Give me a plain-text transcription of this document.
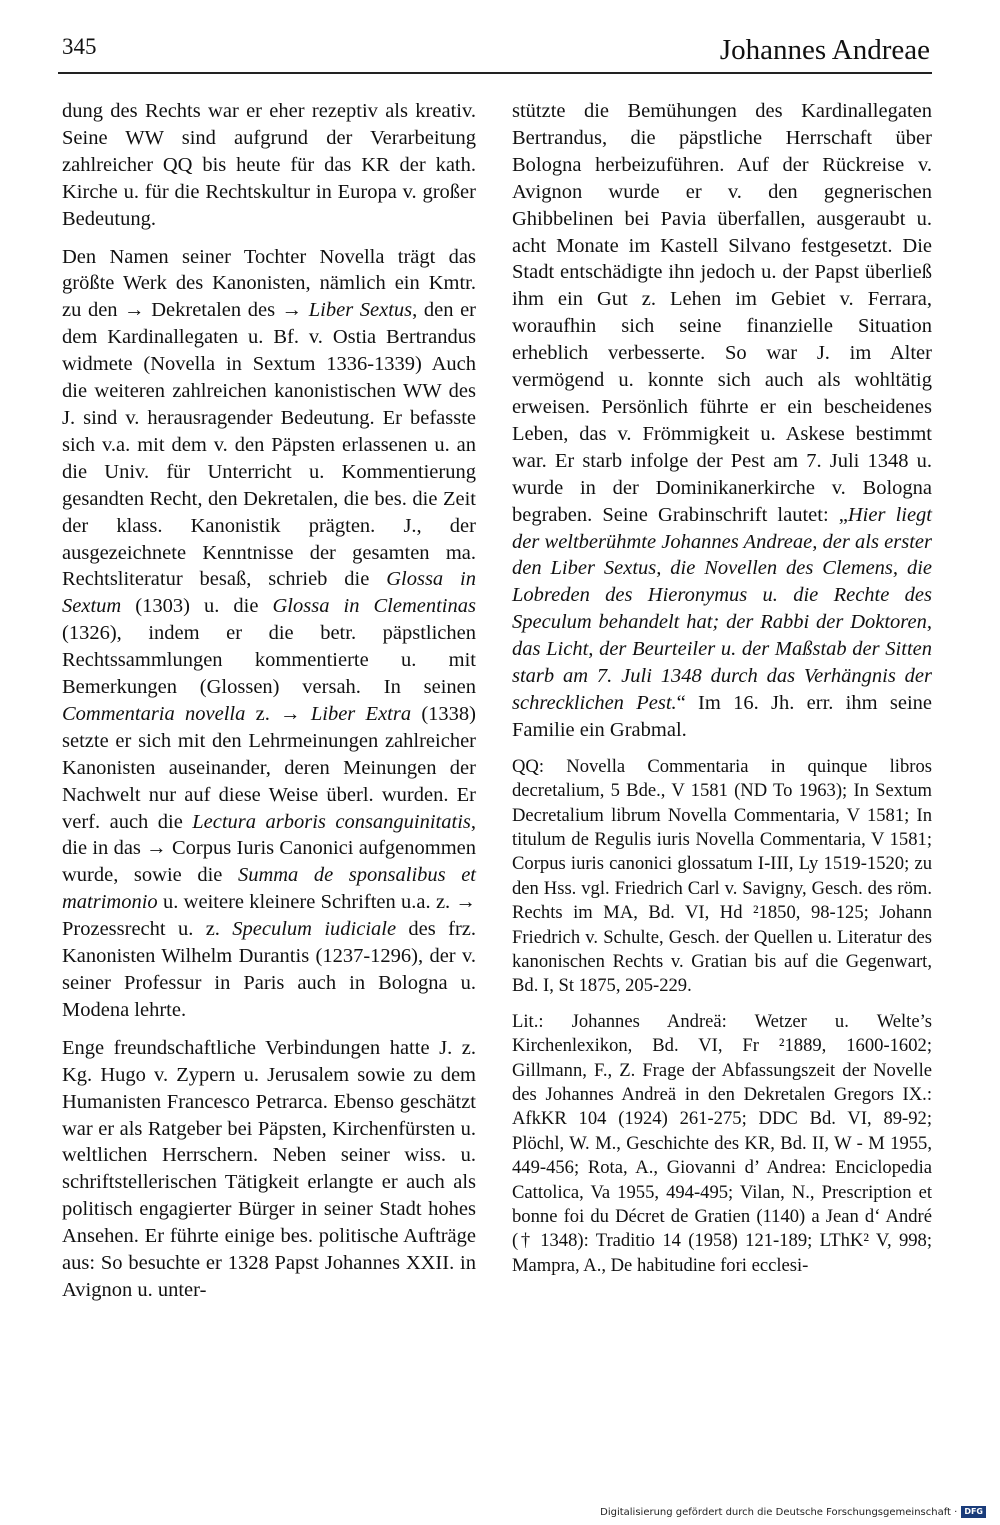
345	Johannes Andreae

dung des Rechts war er eher rezeptiv als kreativ. Seine WW sind aufgrund der Verarbeitung zahlreicher QQ bis heute für das KR der kath. Kirche u. für die Rechtskultur in Europa v. großer Bedeutung.

Den Namen seiner Tochter Novella trägt das größte Werk des Kanonisten, nämlich ein Kmtr. zu den → Dekretalen des → Liber Sextus, den er dem Kardinallegaten u. Bf. v. Ostia Bertrandus widmete (Novella in Sextum 1336-1339) Auch die weiteren zahlreichen kanonistischen WW des J. sind v. herausragender Bedeutung. Er befasste sich v.a. mit dem v. den Päpsten erlassenen u. an die Univ. für Unterricht u. Kommentierung gesandten Recht, den Dekretalen, die bes. die Zeit der klass. Kanonistik prägten. J., der ausgezeichnete Kenntnisse der gesamten ma. Rechtsliteratur besaß, schrieb die Glossa in Sextum (1303) u. die Glossa in Clementinas (1326), indem er die betr. päpstlichen Rechtssammlungen kommentierte u. mit Bemerkungen (Glossen) versah. In seinen Commentaria novella z. → Liber Extra (1338) setzte er sich mit den Lehrmeinungen zahlreicher Kanonisten auseinander, deren Meinungen der Nachwelt nur auf diese Weise überl. wurden. Er verf. auch die Lectura arboris consanguinitatis, die in das → Corpus Iuris Canonici aufgenommen wurde, sowie die Summa de sponsalibus et matrimonio u. weitere kleinere Schriften u.a. z. → Prozessrecht u. z. Speculum iudiciale des frz. Kanonisten Wilhelm Durantis (1237-1296), der v. seiner Professur in Paris auch in Bologna u. Modena lehrte.

Enge freundschaftliche Verbindungen hatte J. z. Kg. Hugo v. Zypern u. Jerusalem sowie zu dem Humanisten Francesco Petrarca. Ebenso geschätzt war er als Ratgeber bei Päpsten, Kirchenfürsten u. weltlichen Herrschern. Neben seiner wiss. u. schriftstellerischen Tätigkeit erlangte er auch als politisch engagierter Bürger in seiner Stadt hohes Ansehen. Er führte einige bes. politische Aufträge aus: So besuchte er 1328 Papst Johannes XXII. in Avignon u. unter-

stützte die Bemühungen des Kardinallegaten Bertrandus, die päpstliche Herrschaft über Bologna herbeizuführen. Auf der Rückreise v. Avignon wurde er v. den gegnerischen Ghibbelinen bei Pavia überfallen, ausgeraubt u. acht Monate im Kastell Silvano festgesetzt. Die Stadt entschädigte ihn jedoch u. der Papst überließ ihm ein Gut z. Lehen im Gebiet v. Ferrara, woraufhin sich seine finanzielle Situation erheblich verbesserte. So war J. im Alter vermögend u. konnte sich auch als wohltätig erweisen. Persönlich führte er ein bescheidenes Leben, das v. Frömmigkeit u. Askese bestimmt war. Er starb infolge der Pest am 7. Juli 1348 u. wurde in der Dominikanerkirche v. Bologna begraben. Seine Grabinschrift lautet: „Hier liegt der weltberühmte Johannes Andreae, der als erster den Liber Sextus, die Novellen des Clemens, die Lobreden des Hieronymus u. die Rechte des Speculum behandelt hat; der Rabbi der Doktoren, das Licht, der Beurteiler u. der Maßstab der Sitten starb am 7. Juli 1348 durch das Verhängnis der schrecklichen Pest.“ Im 16. Jh. err. ihm seine Familie ein Grabmal.

QQ: Novella Commentaria in quinque libros decretalium, 5 Bde., V 1581 (ND To 1963); In Sextum Decretalium librum Novella Commentaria, V 1581; In titulum de Regulis iuris Novella Commentaria, V 1581; Corpus iuris canonici glossatum I-III, Ly 1519-1520; zu den Hss. vgl. Friedrich Carl v. Savigny, Gesch. des röm. Rechts im MA, Bd. VI, Hd ²1850, 98-125; Johann Friedrich v. Schulte, Gesch. der Quellen u. Literatur des kanonischen Rechts v. Gratian bis auf die Gegenwart, Bd. I, St 1875, 205-229.

Lit.: Johannes Andreä: Wetzer u. Welte’s Kirchenlexikon, Bd. VI, Fr ²1889, 1600-1602; Gillmann, F., Z. Frage der Abfassungszeit der Novelle des Johannes Andreä in den Dekretalen Gregors IX.: AfkKR 104 (1924) 261-275; DDC Bd. VI, 89-92; Plöchl, W. M., Geschichte des KR, Bd. II, W - M 1955, 449-456; Rota, A., Giovanni d’ Andrea: Enciclopedia Cattolica, Va 1955, 494-495; Vilan, N., Prescription et bonne foi du Décret de Gratien (1140) a Jean d‘ André († 1348): Traditio 14 (1958) 121-189; LThK² V, 998; Mampra, A., De habitudine fori ecclesi-

Digitalisierung gefördert durch die Deutsche Forschungsgemeinschaft · DFG
